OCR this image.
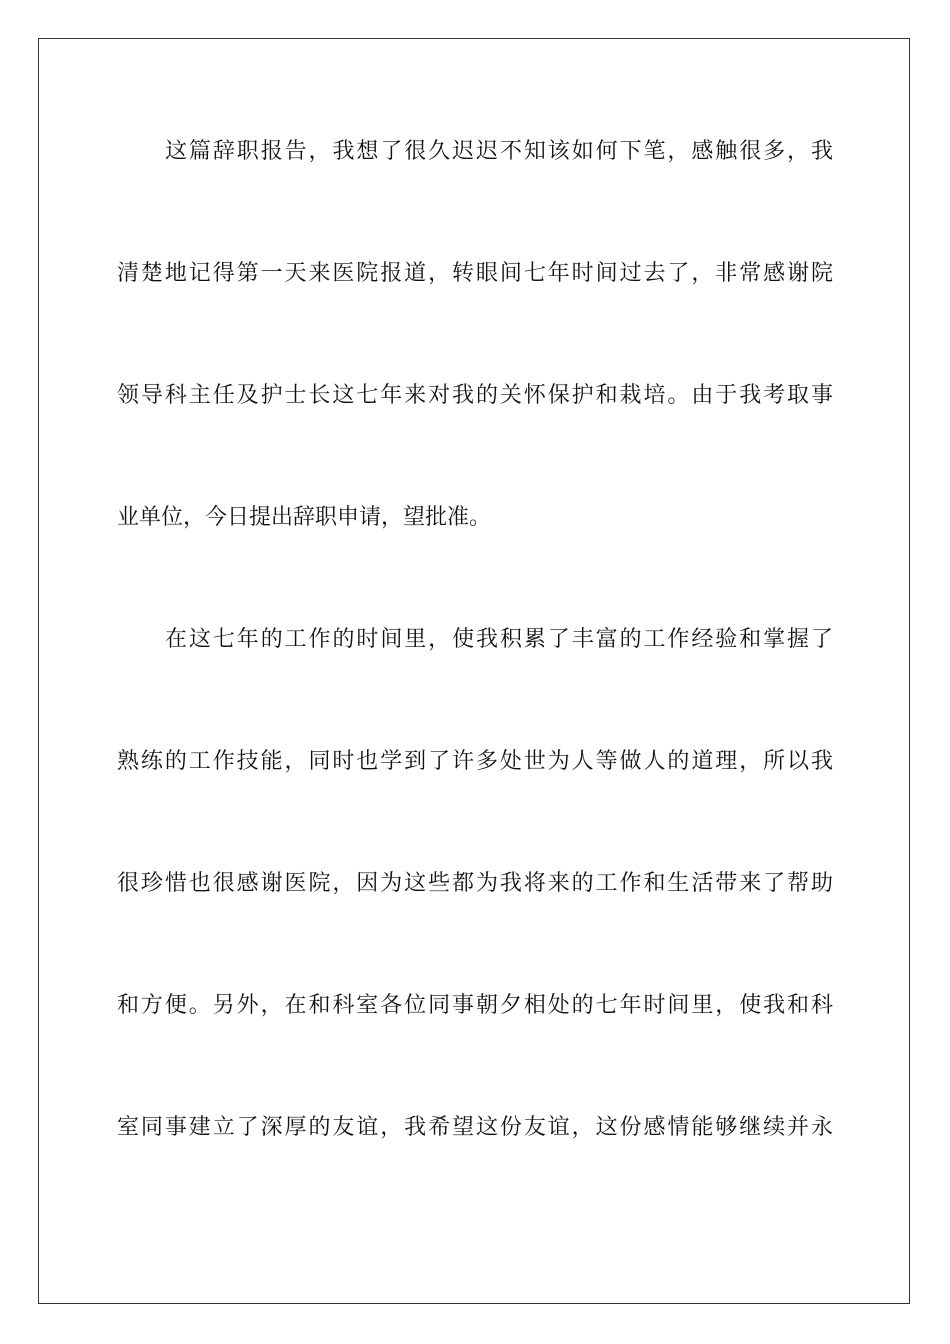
这篇辞职报告，我想了很久迟迟不知该如何下笔，感触很多，我
清楚地记得第一天来医院报道，转眼间七年时间过去了，非常感谢院
领导科主任及护士长这七年来对我的关怀保护和栽培。由于我考取事
业单位，今日提出辞职申请，望批准。
在这七年的工作的时间里，使我积累了丰富的工作经验和掌握了
熟练的工作技能，同时也学到了许多处世为人等做人的道理，所以我
很珍惜也很感谢医院，因为这些都为我将来的工作和生活带来了帮助
和方便。另外，在和科室各位同事朝夕相处的七年时间里，使我和科
室同事建立了深厚的友谊，我希望这份友谊，这份感情能够继续并永
